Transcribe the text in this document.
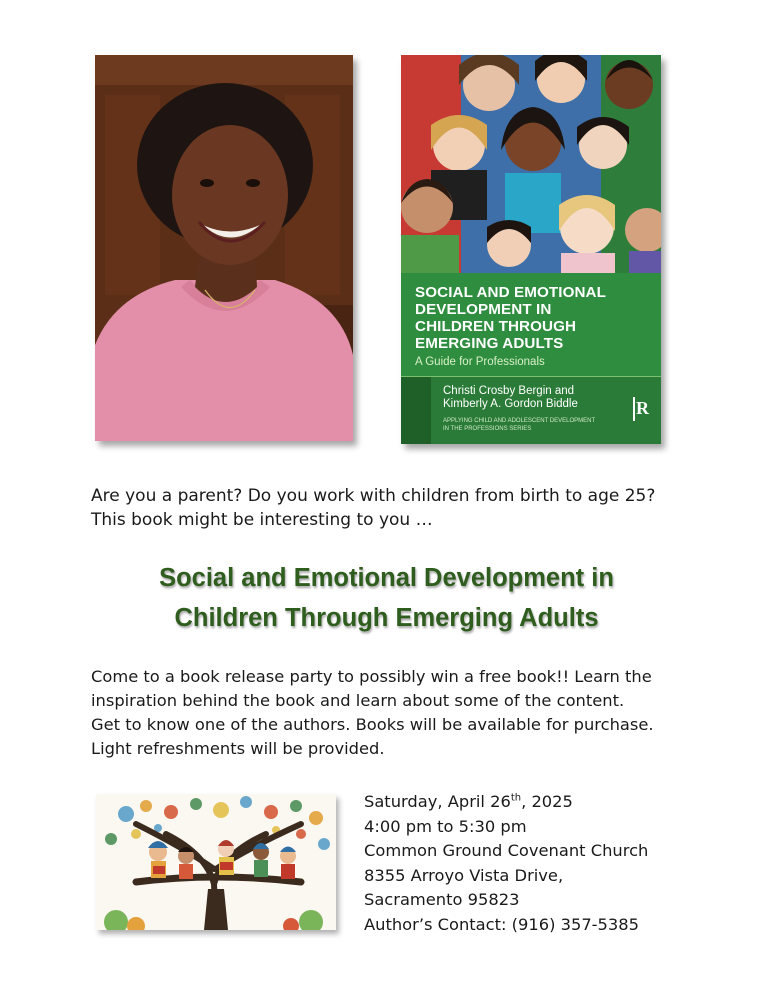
SOCIAL AND EMOTIONAL
DEVELOPMENT IN
CHILDREN THROUGH
EMERGING ADULTS
A Guide for Professionals
Christi Crosby Bergin and
Kimberly A. Gordon Biddle
APPLYING CHILD AND ADOLESCENT DEVELOPMENT
IN THE PROFESSIONS SERIES
R
Are you a parent? Do you work with children from birth to age 25?
This book might be interesting to you …
Social and Emotional Development in
Children Through Emerging Adults
Come to a book release party to possibly win a free book!! Learn the
inspiration behind the book and learn about some of the content.
Get to know one of the authors. Books will be available for purchase.
Light refreshments will be provided.
Saturday, April 26th, 2025
4:00 pm to 5:30 pm
Common Ground Covenant Church
8355 Arroyo Vista Drive,
Sacramento 95823
Author’s Contact: (916) 357-5385
